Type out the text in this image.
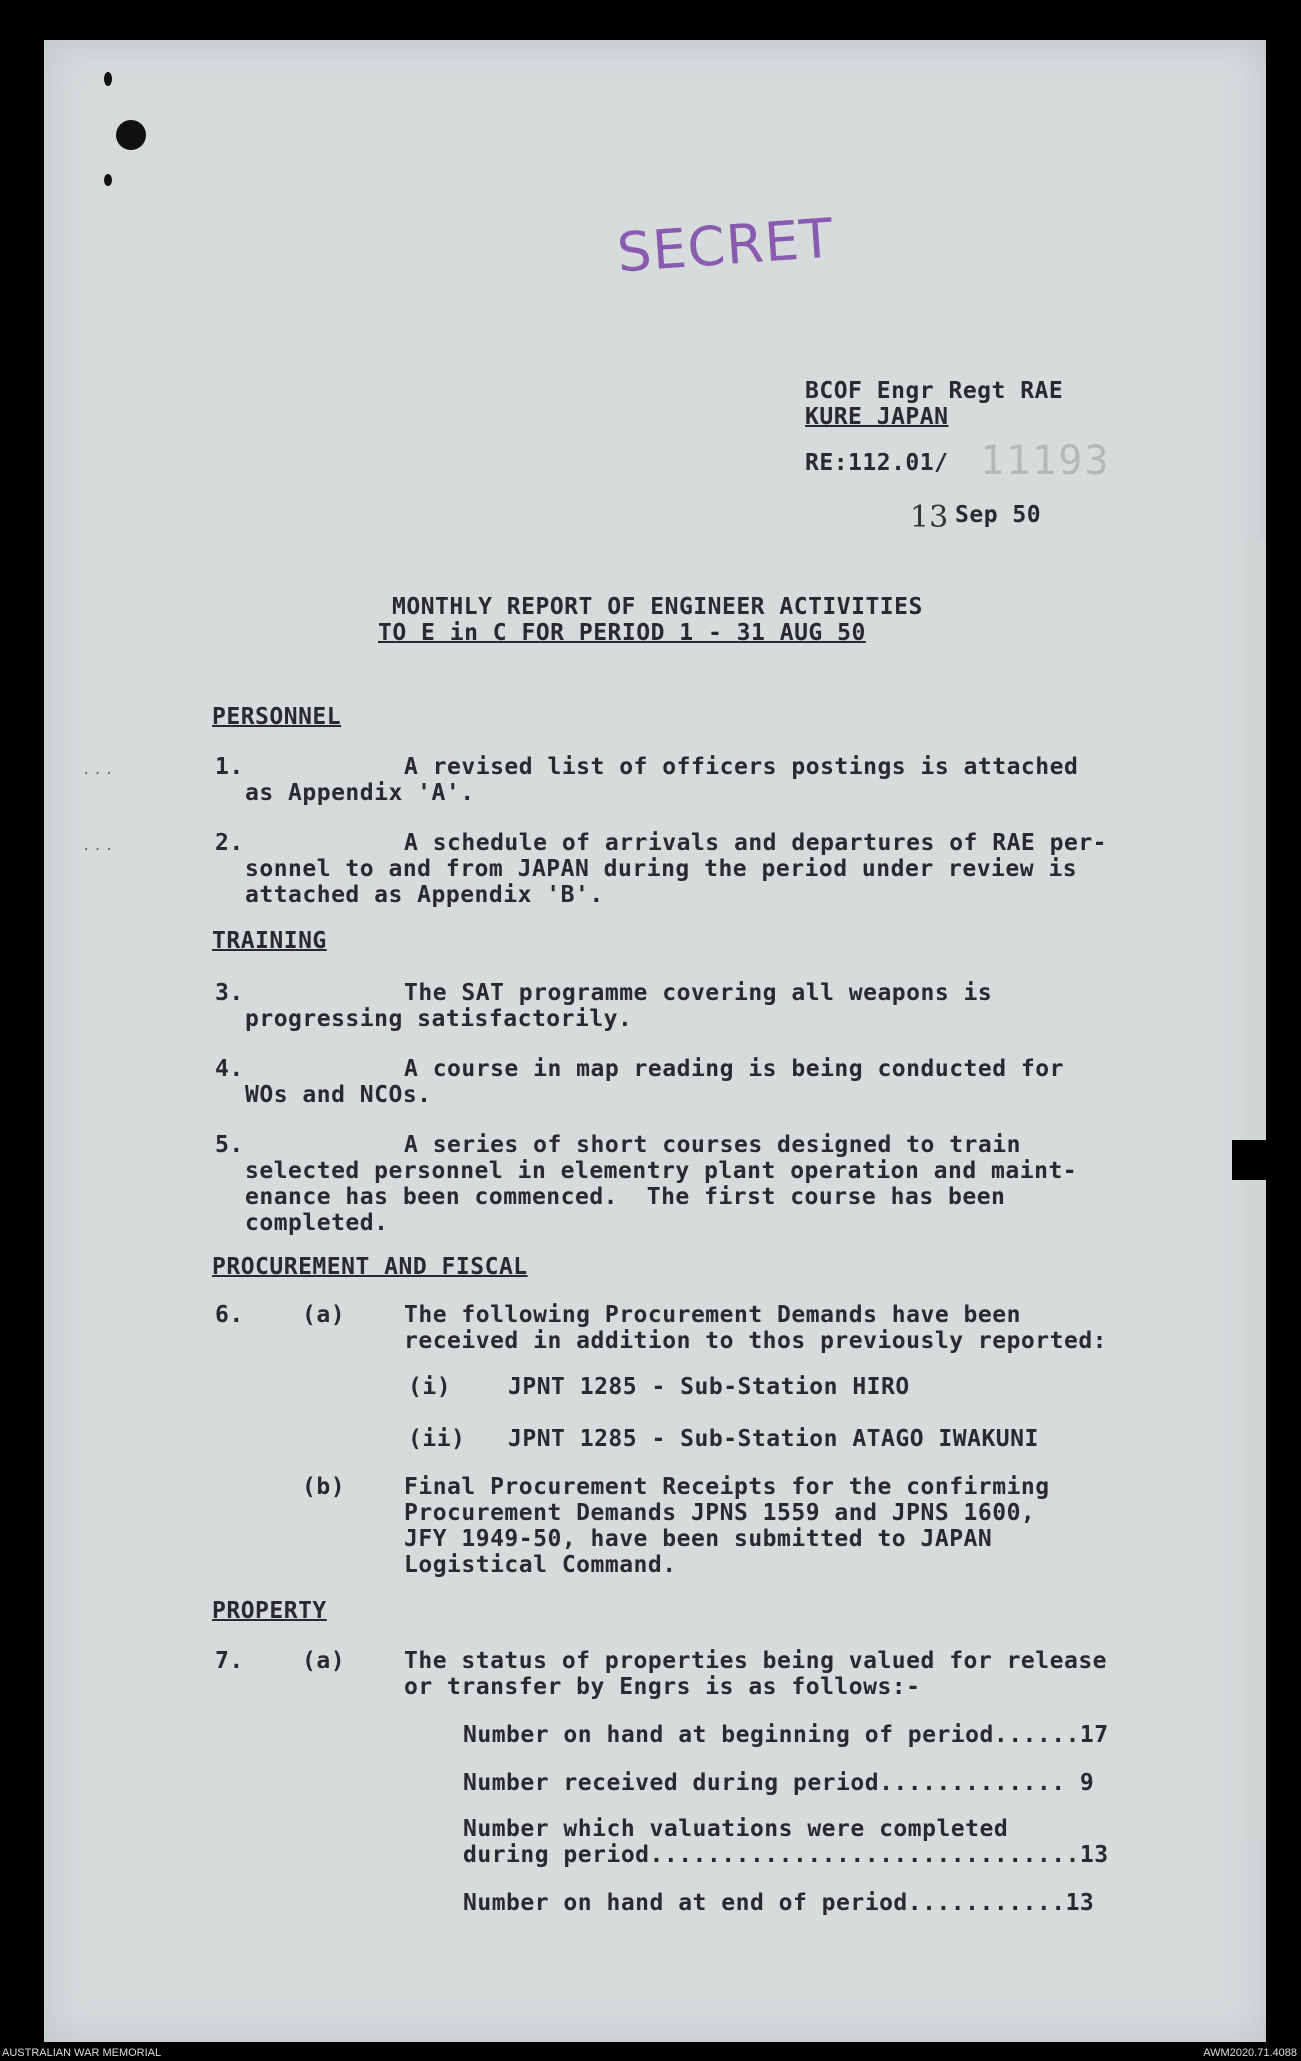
...
...
SECRET
BCOF Engr Regt RAE
KURE JAPAN
RE:112.01/ 11193
13 Sep 50
MONTHLY REPORT OF ENGINEER ACTIVITIES
TO E in C FOR PERIOD 1 - 31 AUG 50
PERSONNEL
1.	A revised list of officers postings is attached
as Appendix 'A'.
2.	A schedule of arrivals and departures of RAE per-
sonnel to and from JAPAN during the period under review is
attached as Appendix 'B'.
TRAINING
3.	The SAT programme covering all weapons is
progressing satisfactorily.
4.	A course in map reading is being conducted for
WOs and NCOs.
5.	A series of short courses designed to train
selected personnel in elementry plant operation and maint-
enance has been commenced.  The first course has been
completed.
PROCUREMENT AND FISCAL
6.	(a)	The following Procurement Demands have been
received in addition to thos previously reported:
(i) JPNT 1285 - Sub-Station HIRO
(ii) JPNT 1285 - Sub-Station ATAGO IWAKUNI
(b)	Final Procurement Receipts for the confirming
Procurement Demands JPNS 1559 and JPNS 1600,
JFY 1949-50, have been submitted to JAPAN
Logistical Command.
PROPERTY
7.	(a)	The status of properties being valued for release
or transfer by Engrs is as follows:-
Number on hand at beginning of period......17
Number received during period............. 9
Number which valuations were completed
during period..............................13
Number on hand at end of period...........13
AUSTRALIAN WAR MEMORIAL	AWM2020.71.4088
